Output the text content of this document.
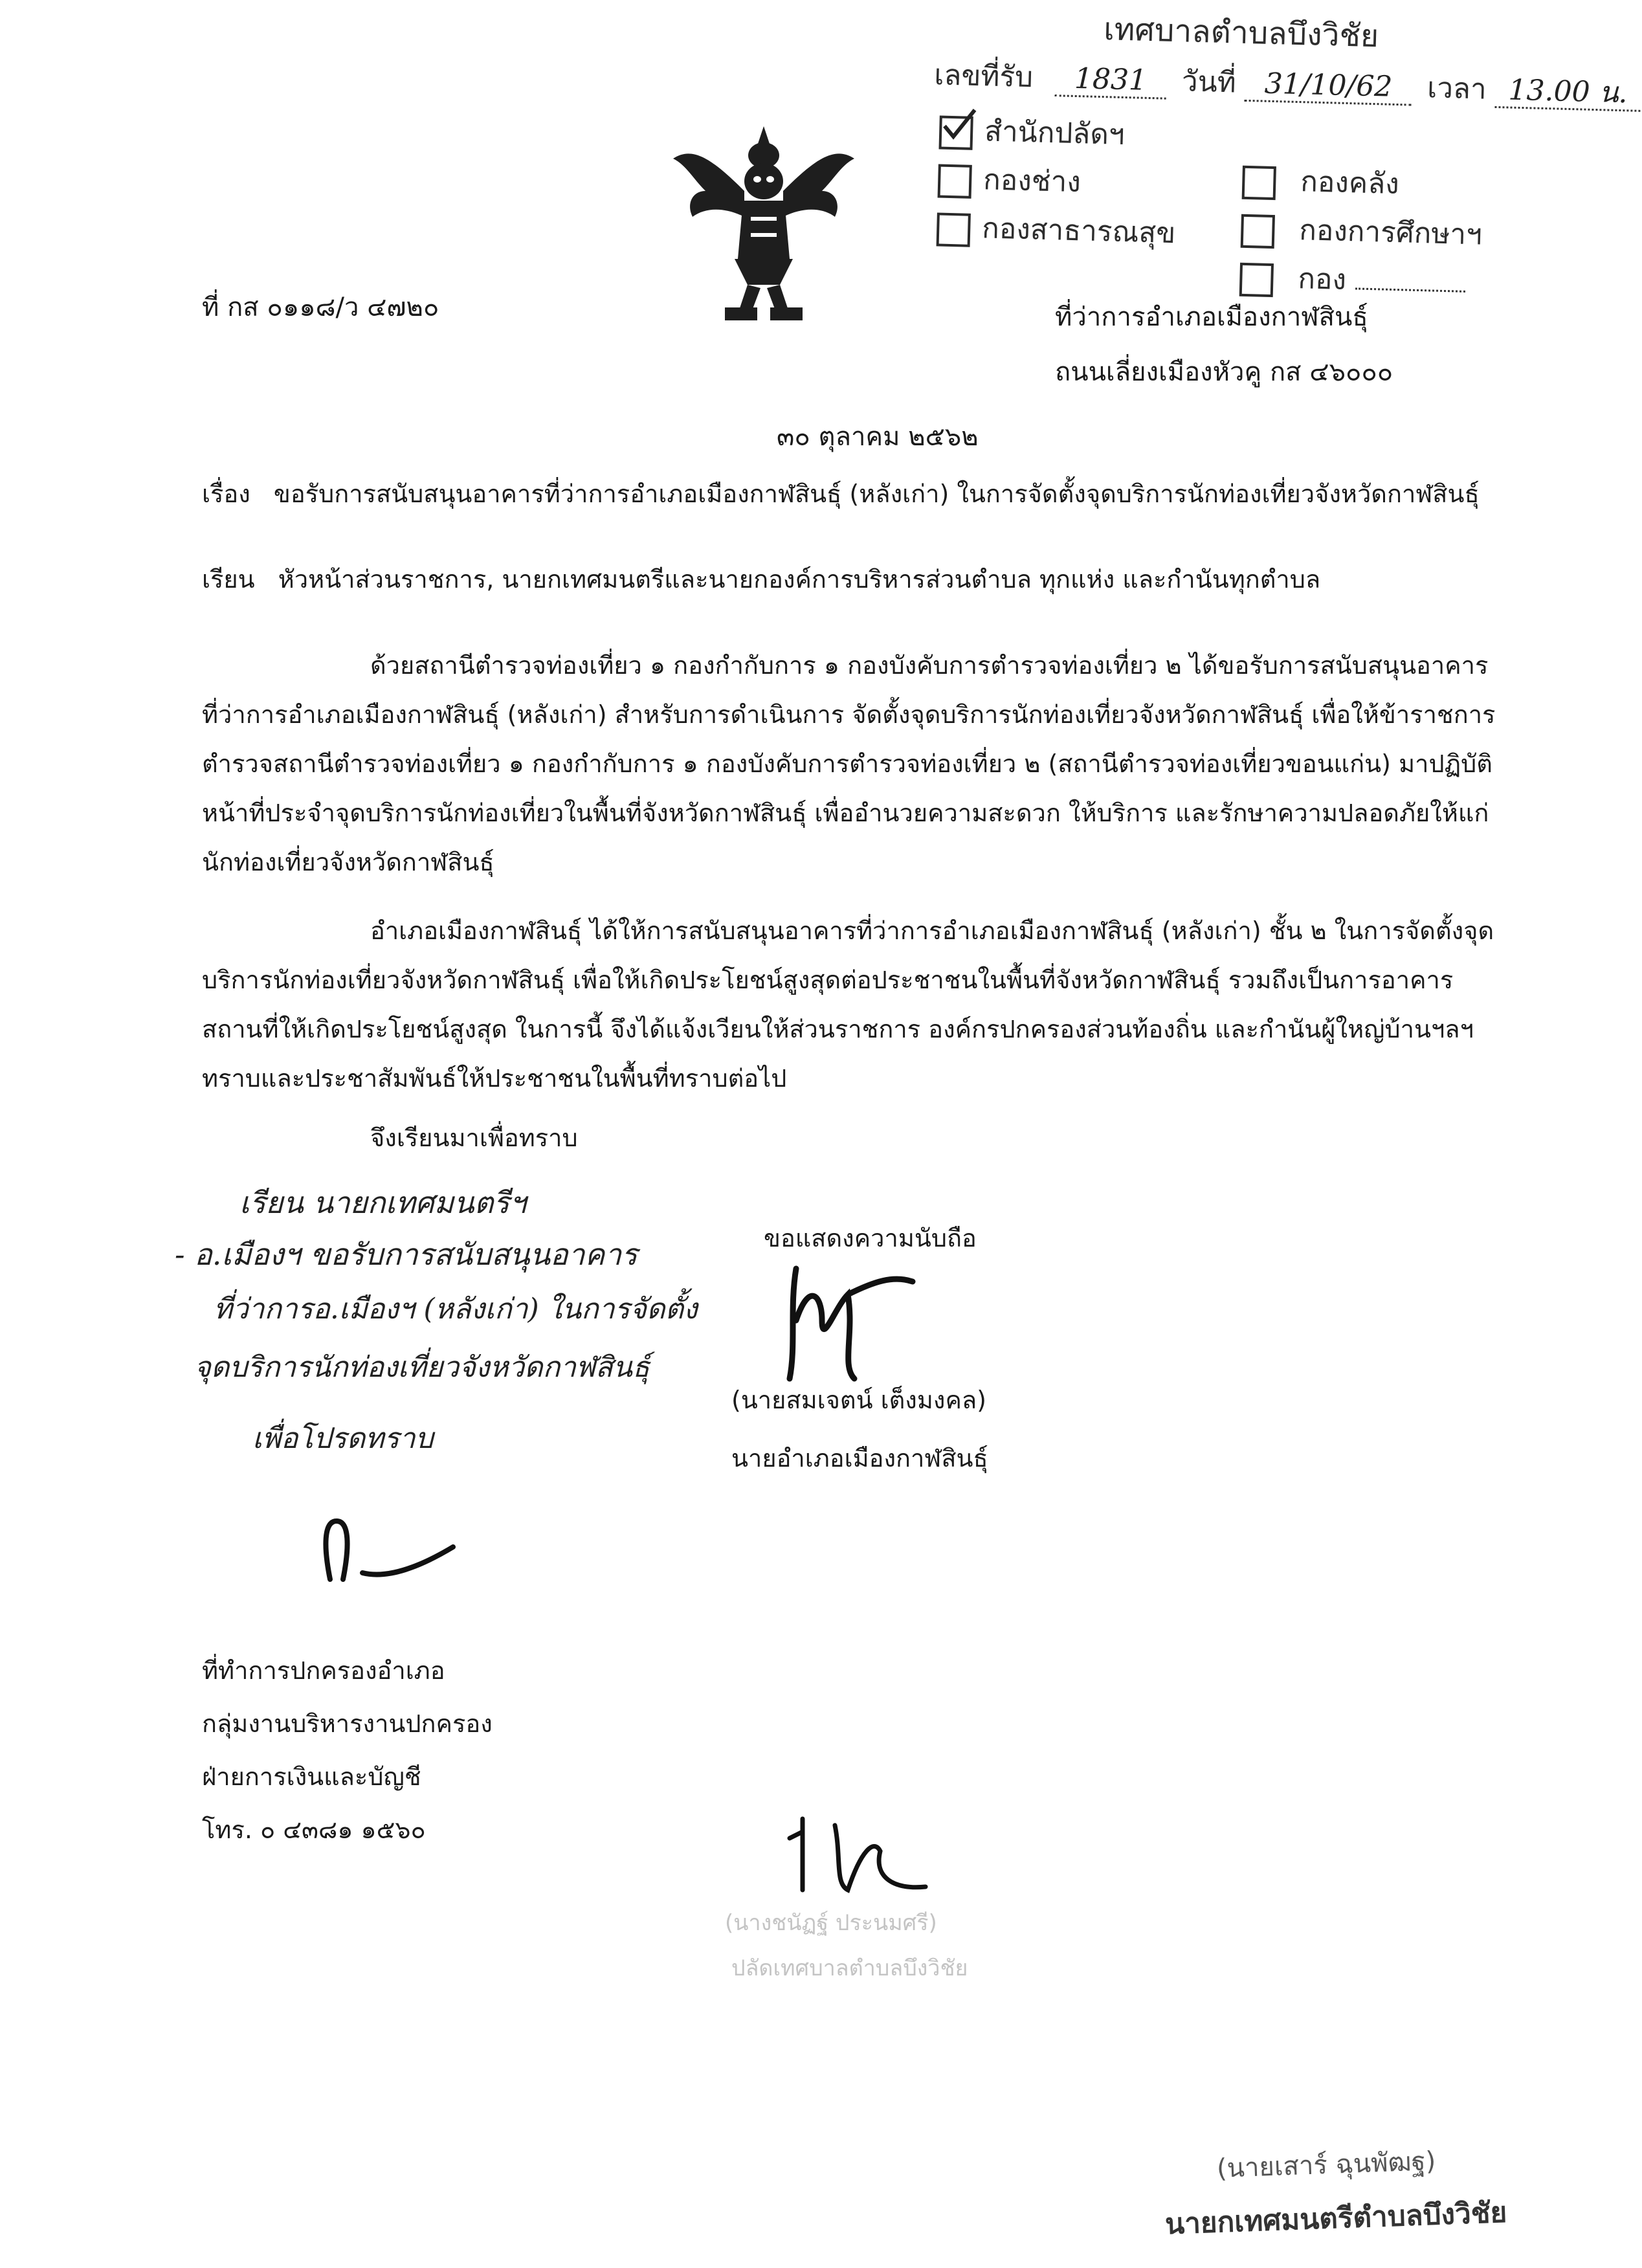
เทศบาลตำบลบึงวิชัย
เลขที่รับ 1831 วันที่ 31/10/62 เวลา 13.00 น.
สำนักปลัดฯ
กองคลัง
กองช่าง
กองการศึกษาฯ
กองสาธารณสุข
กอง
ที่ กส ๐๑๑๘/ว ๔๗๒๐	ที่ว่าการอำเภอเมืองกาฬสินธุ์
ถนนเลี่ยงเมืองหัวคู กส ๔๖๐๐๐
๓๐ ตุลาคม ๒๕๖๒
เรื่อง ขอรับการสนับสนุนอาคารที่ว่าการอำเภอเมืองกาฬสินธุ์ (หลังเก่า) ในการจัดตั้งจุดบริการนักท่องเที่ยวจังหวัดกาฬสินธุ์
เรียน หัวหน้าส่วนราชการ, นายกเทศมนตรีและนายกองค์การบริหารส่วนตำบล ทุกแห่ง และกำนันทุกตำบล
ด้วยสถานีตำรวจท่องเที่ยว ๑ กองกำกับการ ๑ กองบังคับการตำรวจท่องเที่ยว ๒ ได้ขอรับการสนับสนุนอาคารที่ว่าการอำเภอเมืองกาฬสินธุ์ (หลังเก่า) สำหรับการดำเนินการ จัดตั้งจุดบริการนักท่องเที่ยวจังหวัดกาฬสินธุ์ เพื่อให้ข้าราชการตำรวจสถานีตำรวจท่องเที่ยว ๑ กองกำกับการ ๑ กองบังคับการตำรวจท่องเที่ยว ๒ (สถานีตำรวจท่องเที่ยวขอนแก่น) มาปฏิบัติหน้าที่ประจำจุดบริการนักท่องเที่ยวในพื้นที่จังหวัดกาฬสินธุ์ เพื่ออำนวยความสะดวก ให้บริการ และรักษาความปลอดภัยให้แก่นักท่องเที่ยวจังหวัดกาฬสินธุ์
อำเภอเมืองกาฬสินธุ์ ได้ให้การสนับสนุนอาคารที่ว่าการอำเภอเมืองกาฬสินธุ์ (หลังเก่า) ชั้น ๒ ในการจัดตั้งจุดบริการนักท่องเที่ยวจังหวัดกาฬสินธุ์ เพื่อให้เกิดประโยชน์สูงสุดต่อประชาชนในพื้นที่จังหวัดกาฬสินธุ์ รวมถึงเป็นการอาคารสถานที่ให้เกิดประโยชน์สูงสุด ในการนี้ จึงได้แจ้งเวียนให้ส่วนราชการ องค์กรปกครองส่วนท้องถิ่น และกำนันผู้ใหญ่บ้านฯลฯ ทราบและประชาสัมพันธ์ให้ประชาชนในพื้นที่ทราบต่อไป
จึงเรียนมาเพื่อทราบ
ขอแสดงความนับถือ
(นายสมเจตน์ เต็งมงคล)
นายอำเภอเมืองกาฬสินธุ์
เรียน นายกเทศมนตรีฯ
- อ.เมืองฯ ขอรับการสนับสนุนอาคาร
ที่ว่าการอ.เมืองฯ (หลังเก่า) ในการจัดตั้ง
จุดบริการนักท่องเที่ยวจังหวัดกาฬสินธุ์
เพื่อโปรดทราบ
ที่ทำการปกครองอำเภอ
กลุ่มงานบริหารงานปกครอง
ฝ่ายการเงินและบัญชี
โทร. ๐ ๔๓๘๑ ๑๕๖๐
(นางชนัฏฐ์ ประนมศรี)
ปลัดเทศบาลตำบลบึงวิชัย
(นายเสาร์ ฉุนพัฒฐ)
นายกเทศมนตรีตำบลบึงวิชัย
